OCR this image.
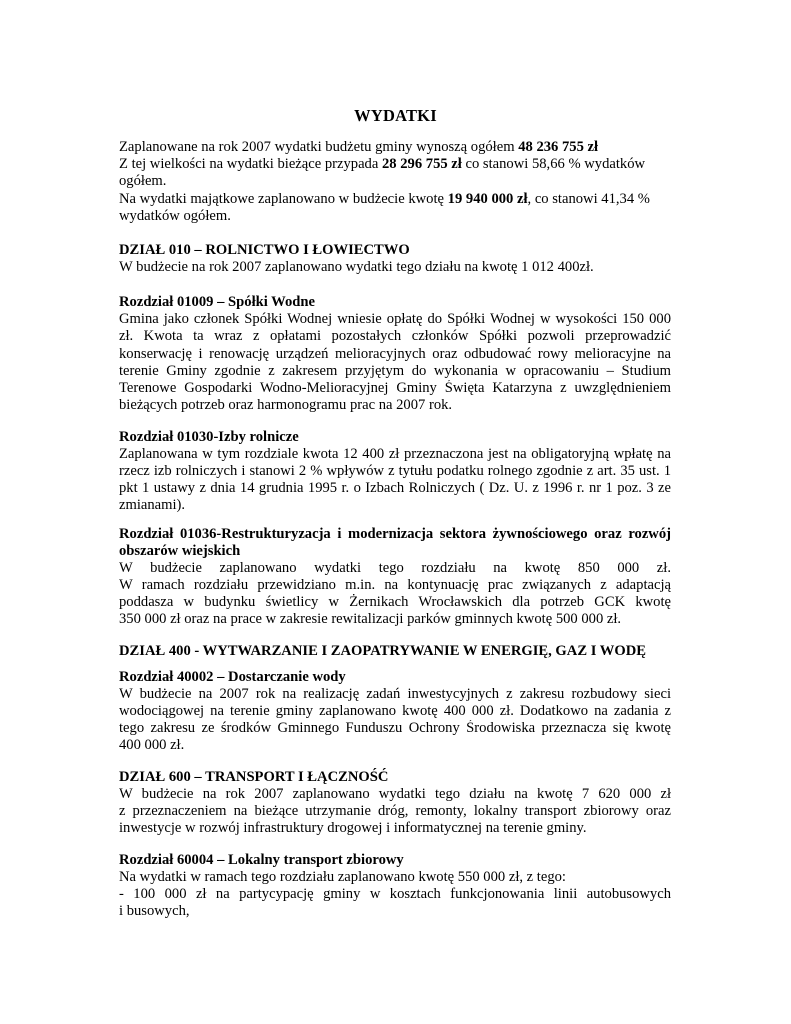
WYDATKI
Zaplanowane na rok 2007 wydatki budżetu gminy wynoszą ogółem 48 236 755 zł
Z tej wielkości na wydatki bieżące przypada 28 296 755 zł co stanowi 58,66 % wydatków
ogółem.
Na wydatki majątkowe zaplanowano w budżecie kwotę 19 940 000 zł, co stanowi 41,34 %
wydatków ogółem.
DZIAŁ 010 – ROLNICTWO I ŁOWIECTWO
W budżecie na rok 2007 zaplanowano wydatki tego działu na kwotę 1 012 400zł.
Rozdział 01009 – Spółki Wodne
Gmina jako członek Spółki Wodnej wniesie opłatę do Spółki Wodnej w wysokości 150 000
zł. Kwota ta wraz z opłatami pozostałych członków Spółki pozwoli przeprowadzić
konserwację i renowację urządzeń melioracyjnych oraz odbudować rowy melioracyjne na
terenie Gminy zgodnie z zakresem przyjętym do wykonania w opracowaniu – Studium
Terenowe Gospodarki Wodno-Melioracyjnej Gminy Święta Katarzyna z uwzględnieniem
bieżących potrzeb oraz harmonogramu prac na 2007 rok.
Rozdział 01030-Izby rolnicze
Zaplanowana w tym rozdziale kwota 12 400 zł przeznaczona jest na obligatoryjną wpłatę na
rzecz izb rolniczych i stanowi 2 % wpływów z tytułu podatku rolnego zgodnie z art. 35 ust. 1
pkt 1 ustawy z dnia 14 grudnia 1995 r. o Izbach Rolniczych ( Dz. U. z 1996 r. nr 1 poz. 3 ze
zmianami).
Rozdział 01036-Restrukturyzacja i modernizacja sektora żywnościowego oraz rozwój
obszarów wiejskich
W budżecie zaplanowano wydatki tego rozdziału na kwotę 850 000 zł.
W ramach rozdziału przewidziano m.in. na kontynuację prac związanych z adaptacją
poddasza w budynku świetlicy w Żernikach Wrocławskich dla potrzeb GCK kwotę
350 000 zł oraz na prace w zakresie rewitalizacji parków gminnych kwotę 500 000 zł.
DZIAŁ 400 - WYTWARZANIE I ZAOPATRYWANIE W ENERGIĘ, GAZ I WODĘ
Rozdział 40002 – Dostarczanie wody
W budżecie na 2007 rok na realizację zadań inwestycyjnych z zakresu rozbudowy sieci
wodociągowej na terenie gminy zaplanowano kwotę 400 000 zł. Dodatkowo na zadania z
tego zakresu ze środków Gminnego Funduszu Ochrony Środowiska przeznacza się kwotę
400 000 zł.
DZIAŁ 600 – TRANSPORT I ŁĄCZNOŚĆ
W budżecie na rok 2007 zaplanowano wydatki tego działu na kwotę 7 620 000 zł
z przeznaczeniem na bieżące utrzymanie dróg, remonty, lokalny transport zbiorowy oraz
inwestycje w rozwój infrastruktury drogowej i informatycznej na terenie gminy.
Rozdział 60004 – Lokalny transport zbiorowy
Na wydatki w ramach tego rozdziału zaplanowano kwotę 550 000 zł, z tego:
- 100 000 zł na partycypację gminy w kosztach funkcjonowania linii autobusowych
i busowych,
